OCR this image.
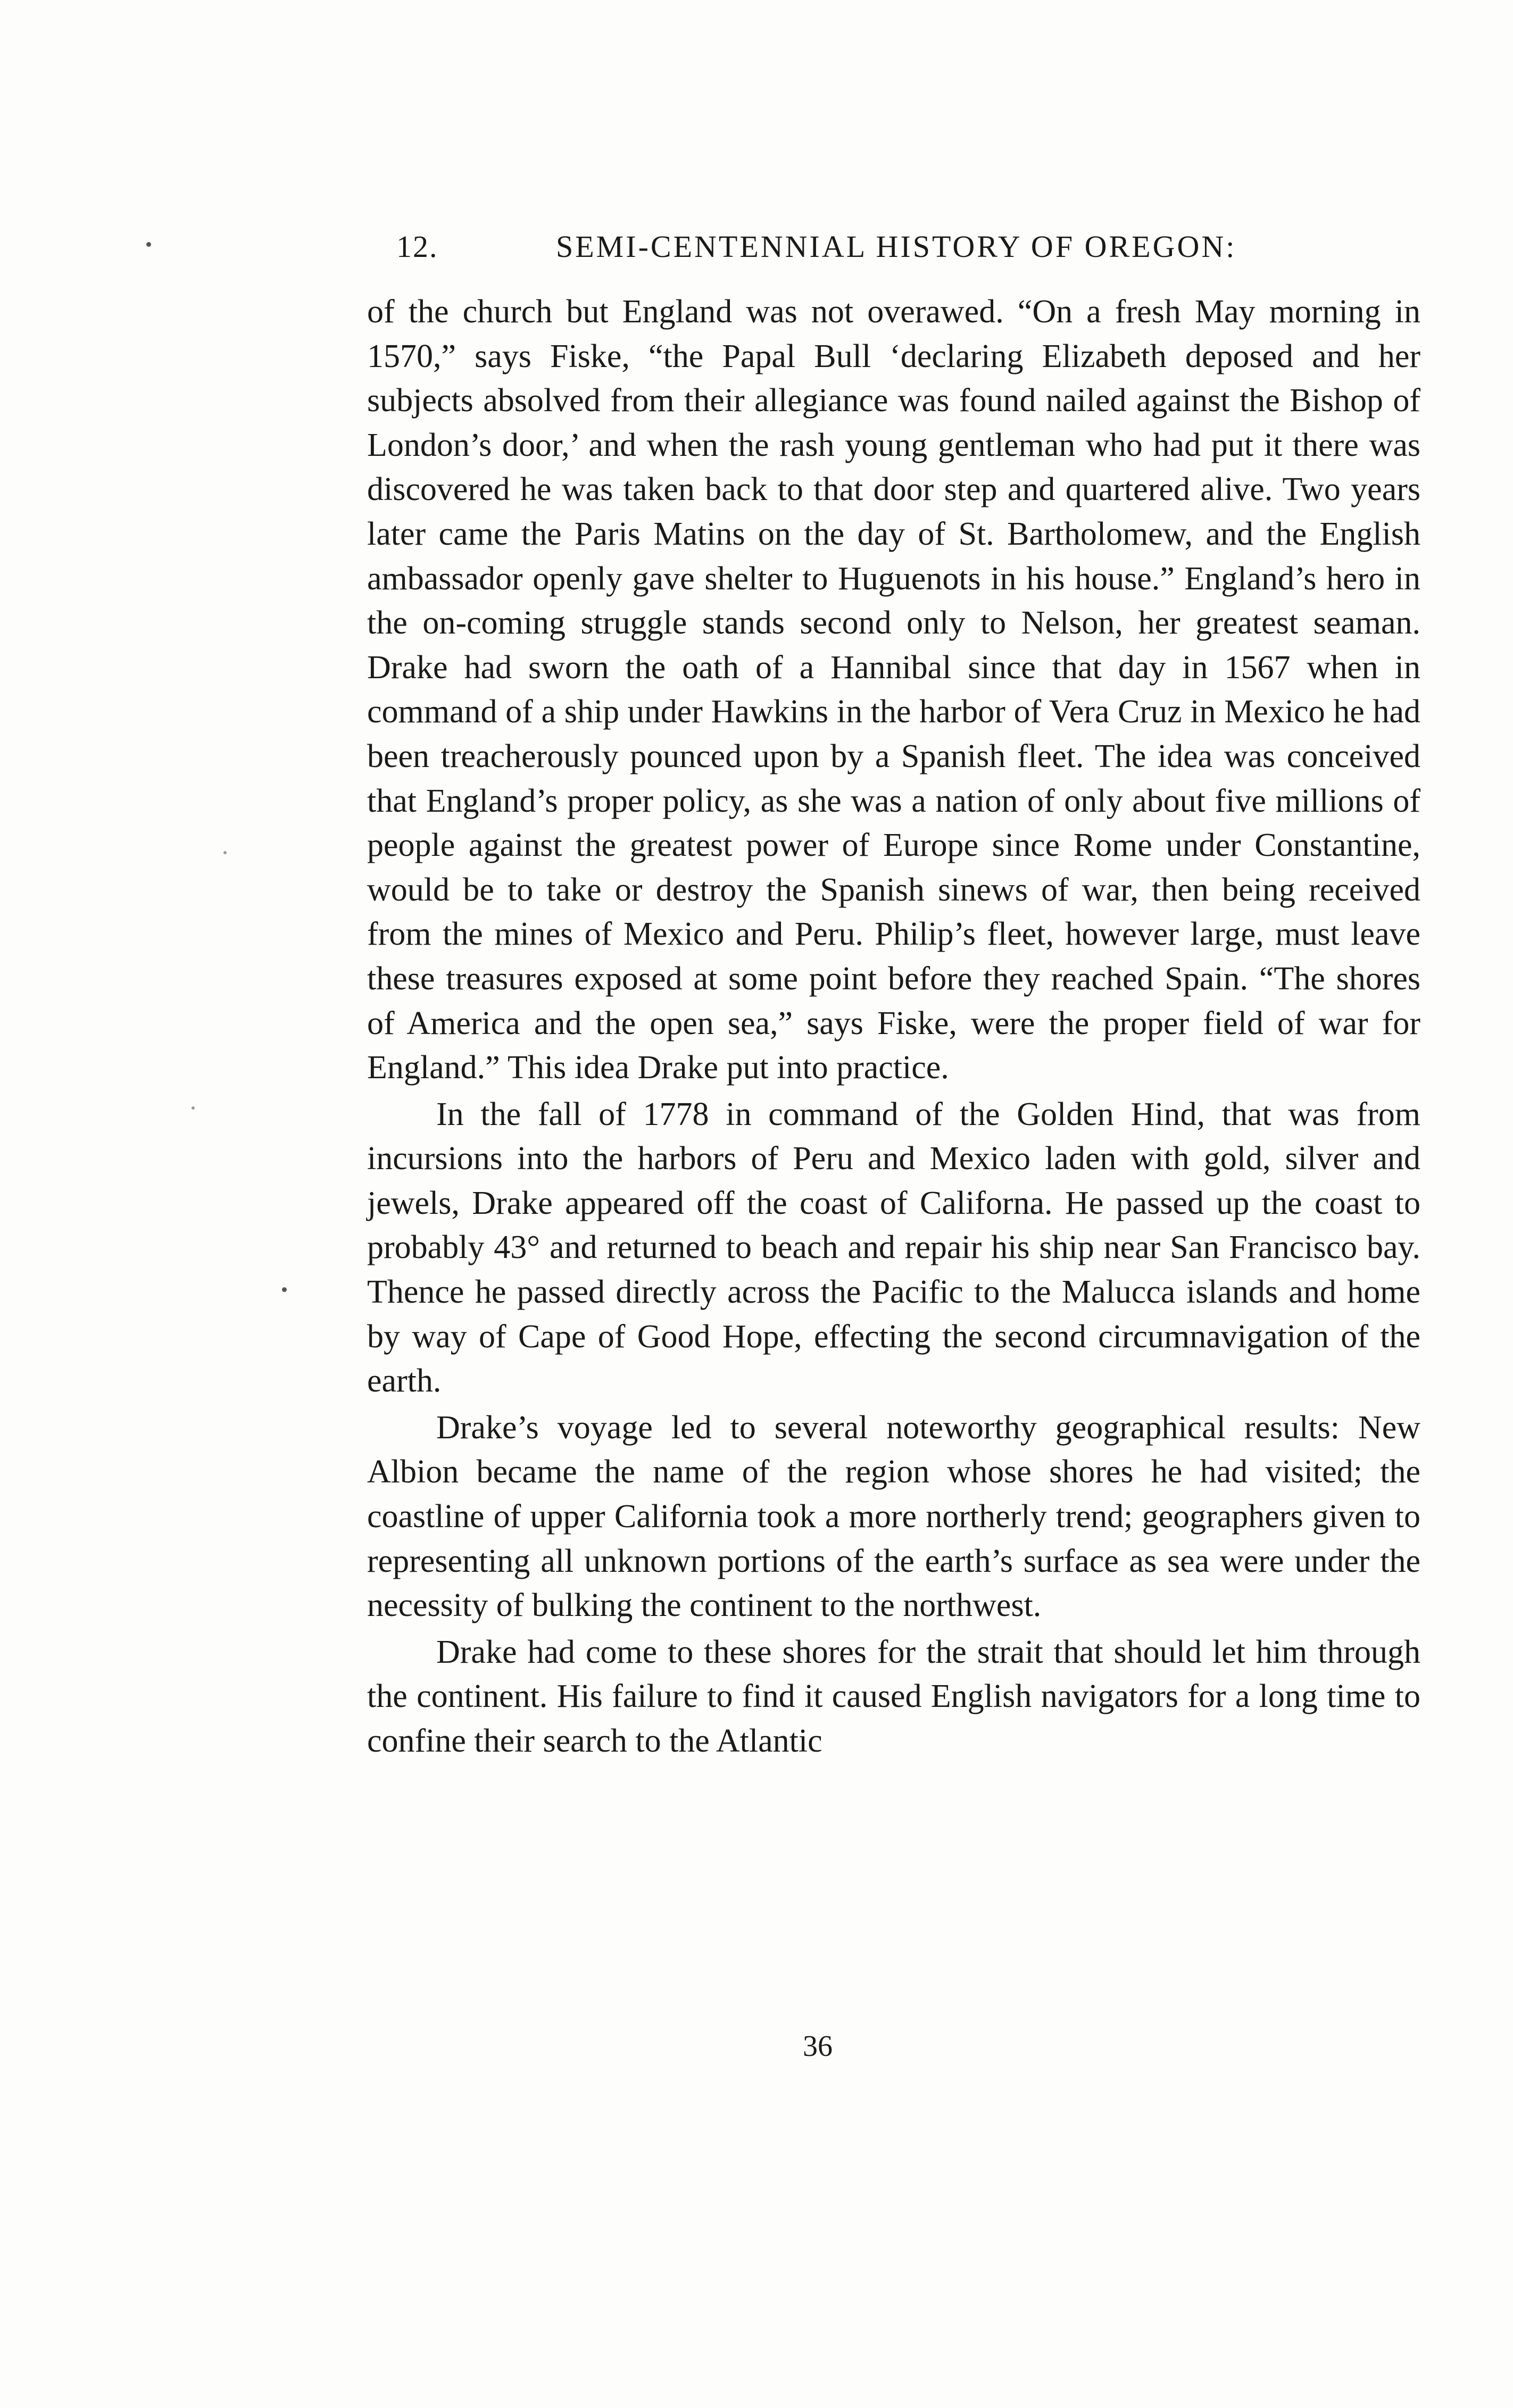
12.	SEMI-CENTENNIAL HISTORY OF OREGON:

of the church but England was not overawed. “On a fresh May morning in 1570,” says Fiske, “the Papal Bull ‘declaring Elizabeth deposed and her subjects absolved from their allegiance was found nailed against the Bishop of London’s door,’ and when the rash young gentleman who had put it there was discovered he was taken back to that door step and quartered alive. Two years later came the Paris Matins on the day of St. Bartholomew, and the English ambassador openly gave shelter to Huguenots in his house.” England’s hero in the on-coming struggle stands second only to Nelson, her greatest seaman. Drake had sworn the oath of a Hannibal since that day in 1567 when in command of a ship under Hawkins in the harbor of Vera Cruz in Mexico he had been treacherously pounced upon by a Spanish fleet. The idea was conceived that England’s proper policy, as she was a nation of only about five millions of people against the greatest power of Europe since Rome under Constantine, would be to take or destroy the Spanish sinews of war, then being received from the mines of Mexico and Peru. Philip’s fleet, however large, must leave these treasures exposed at some point before they reached Spain. “The shores of America and the open sea,” says Fiske, were the proper field of war for England.” This idea Drake put into practice.

In the fall of 1778 in command of the Golden Hind, that was from incursions into the harbors of Peru and Mexico laden with gold, silver and jewels, Drake appeared off the coast of Californa. He passed up the coast to probably 43° and returned to beach and repair his ship near San Francisco bay. Thence he passed directly across the Pacific to the Malucca islands and home by way of Cape of Good Hope, effecting the second circumnavigation of the earth.

Drake’s voyage led to several noteworthy geographical results: New Albion became the name of the region whose shores he had visited; the coastline of upper California took a more northerly trend; geographers given to representing all unknown portions of the earth’s surface as sea were under the necessity of bulking the continent to the northwest.

Drake had come to these shores for the strait that should let him through the continent. His failure to find it caused English navigators for a long time to confine their search to the Atlantic

36
